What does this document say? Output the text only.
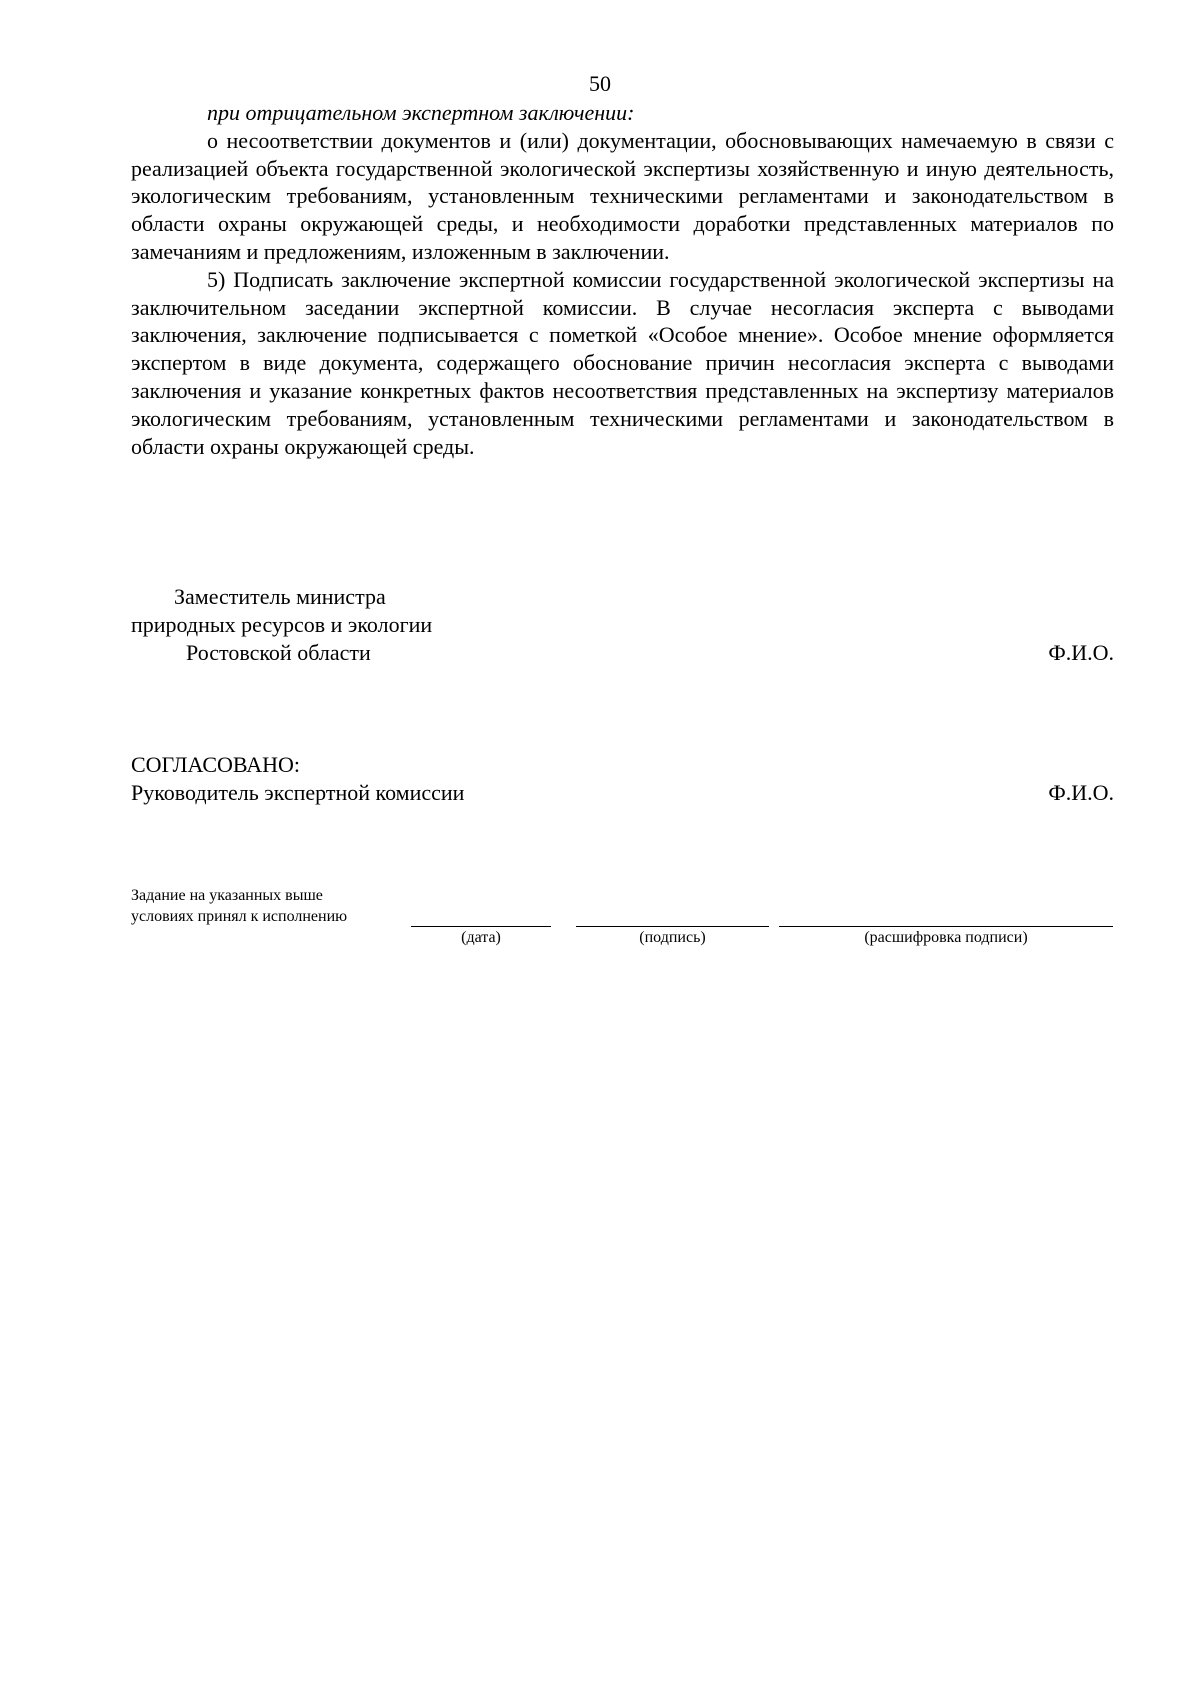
50

при отрицательном экспертном заключении:

о несоответствии документов и (или) документации, обосновывающих намечаемую в связи с реализацией объекта государственной экологической экспертизы хозяйственную и иную деятельность, экологическим требованиям, установленным техническими регламентами и законодательством в области охраны окружающей среды, и необходимости доработки представленных материалов по замечаниям и предложениям, изложенным в заключении.

5) Подписать заключение экспертной комиссии государственной экологической экспертизы на заключительном заседании экспертной комиссии. В случае несогласия эксперта с выводами заключения, заключение подписывается с пометкой «Особое мнение». Особое мнение оформляется экспертом в виде документа, содержащего обоснование причин несогласия эксперта с выводами заключения и указание конкретных фактов несоответствия представленных на экспертизу материалов экологическим требованиям, установленным техническими регламентами и законодательством в области охраны окружающей среды.

Заместитель министра
природных ресурсов и экологии
Ростовской области	Ф.И.О.
СОГЛАСОВАНО:
Руководитель экспертной комиссии	Ф.И.О.
Задание на указанных выше
условиях принял к исполнению
(дата)	(подпись)	(расшифровка подписи)
